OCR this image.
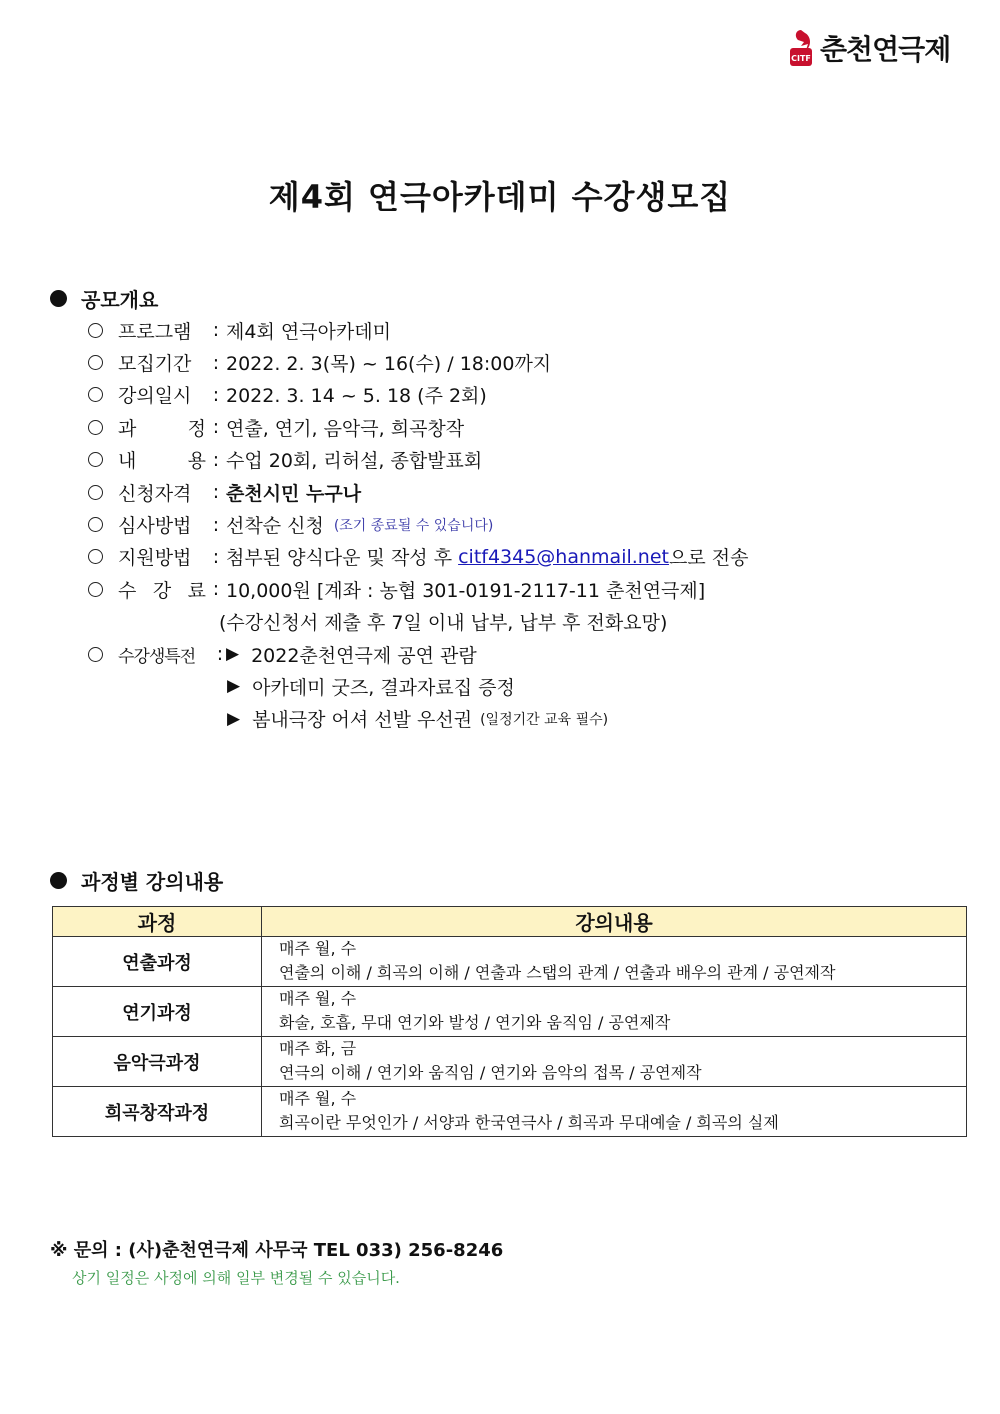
CITF 춘천연극제
제4회 연극아카데미 수강생모집
공모개요
프로그램	: 제4회 연극아카데미
모집기간	: 2022. 2. 3(목) ~ 16(수) / 18:00까지
강의일시	: 2022. 3. 14 ~ 5. 18 (주 2회)
과	정 : 연출, 연기, 음악극, 희곡창작
내	용 : 수업 20회, 리허설, 종합발표회
신청자격	: 춘천시민 누구나
심사방법	: 선착순 신청 (조기 종료될 수 있습니다)
지원방법	: 첨부된 양식다운 및 작성 후 citf4345@hanmail.net 으로 전송
수 강 료 : 10,000원 [계좌 : 농협 301-0191-2117-11 춘천연극제]
(수강신청서 제출 후 7일 이내 납부, 납부 후 전화요망)
수강생특전	: ▶ 2022춘천연극제 공연 관람
▶ 아카데미 굿즈, 결과자료집 증정
▶ 봄내극장 어셔 선발 우선권 (일정기간 교육 필수)
과정별 강의내용
과정	강의내용
연출과정	매주 월, 수
연출의 이해 / 희곡의 이해 / 연출과 스탭의 관계 / 연출과 배우의 관계 / 공연제작

연기과정	매주 월, 수
화술, 호흡, 무대 연기와 발성 / 연기와 움직임 / 공연제작

음악극과정	매주 화, 금
연극의 이해 / 연기와 움직임 / 연기와 음악의 접목 / 공연제작

희곡창작과정	매주 월, 수
희곡이란 무엇인가 / 서양과 한국연극사 / 희곡과 무대예술 / 희곡의 실제
※ 문의 : (사)춘천연극제 사무국 TEL 033) 256-8246
상기 일정은 사정에 의해 일부 변경될 수 있습니다.
